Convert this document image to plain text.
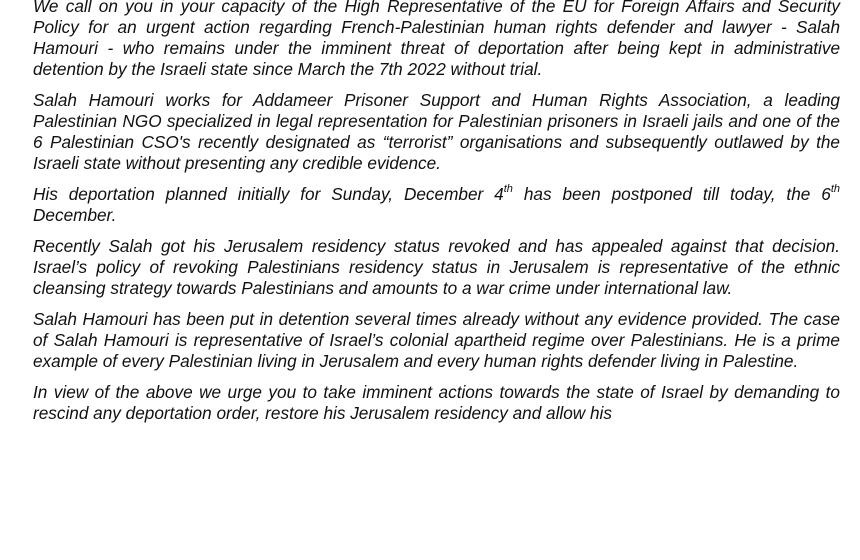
We call on you in your capacity of the High Representative of the EU for Foreign Affairs and Security Policy for an urgent action regarding French-Palestinian human rights defender and lawyer - Salah Hamouri - who remains under the imminent threat of deportation after being kept in administrative detention by the Israeli state since March the 7th 2022 without trial.

Salah Hamouri works for Addameer Prisoner Support and Human Rights Association, a leading Palestinian NGO specialized in legal representation for Palestinian prisoners in Israeli jails and one of the 6 Palestinian CSO's recently designated as “terrorist” organisations and subsequently outlawed by the Israeli state without presenting any credible evidence.

His deportation planned initially for Sunday, December 4th has been postponed till today, the 6th December.

Recently Salah got his Jerusalem residency status revoked and has appealed against that decision. Israel’s policy of revoking Palestinians residency status in Jerusalem is representative of the ethnic cleansing strategy towards Palestinians and amounts to a war crime under international law.

Salah Hamouri has been put in detention several times already without any evidence provided. The case of Salah Hamouri is representative of Israel’s colonial apartheid regime over Palestinians. He is a prime example of every Palestinian living in Jerusalem and every human rights defender living in Palestine.

In view of the above we urge you to take imminent actions towards the state of Israel by demanding to rescind any deportation order, restore his Jerusalem residency and allow his
